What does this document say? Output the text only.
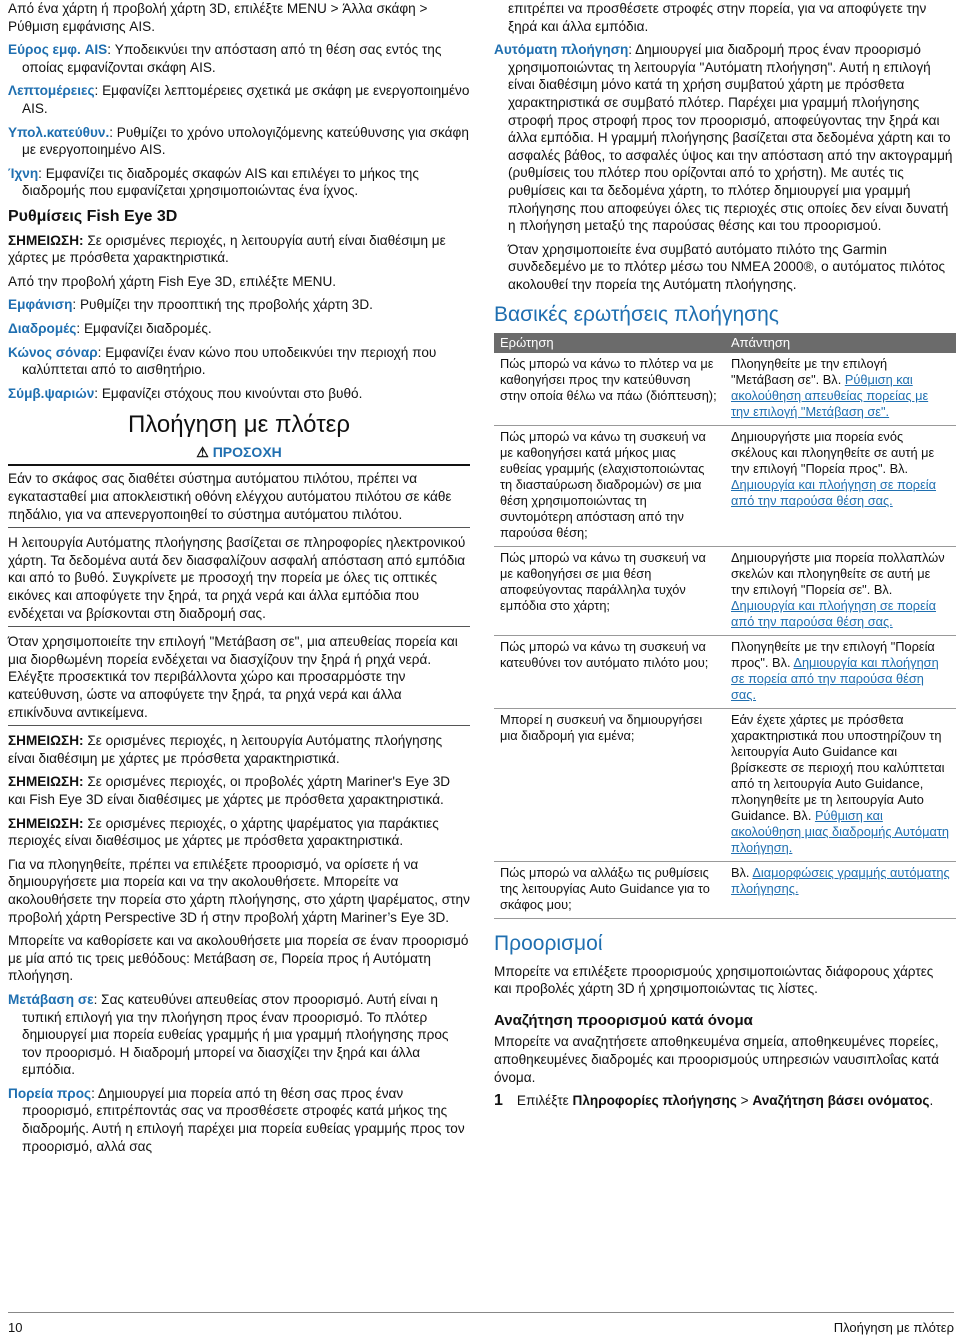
Από ένα χάρτη ή προβολή χάρτη 3D, επιλέξτε MENU > Άλλα σκάφη > Ρύθμιση εμφάνισης AIS.

Εύρος εμφ. AIS: Υποδεικνύει την απόσταση από τη θέση σας εντός της οποίας εμφανίζονται σκάφη AIS.

Λεπτομέρειες: Εμφανίζει λεπτομέρειες σχετικά με σκάφη με ενεργοποιημένο AIS.

Υπολ.κατεύθυν.: Ρυθμίζει το χρόνο υπολογιζόμενης κατεύθυνσης για σκάφη με ενεργοποιημένο AIS.

Ίχνη: Εμφανίζει τις διαδρομές σκαφών AIS και επιλέγει το μήκος της διαδρομής που εμφανίζεται χρησιμοποιώντας ένα ίχνος.

Ρυθμίσεις Fish Eye 3D

ΣΗΜΕΙΩΣΗ: Σε ορισμένες περιοχές, η λειτουργία αυτή είναι διαθέσιμη με χάρτες με πρόσθετα χαρακτηριστικά.

Από την προβολή χάρτη Fish Eye 3D, επιλέξτε MENU.

Εμφάνιση: Ρυθμίζει την προοπτική της προβολής χάρτη 3D.

Διαδρομές: Εμφανίζει διαδρομές.

Κώνος σόναρ: Εμφανίζει έναν κώνο που υποδεικνύει την περιοχή που καλύπτεται από το αισθητήριο.

Σύμβ.ψαριών: Εμφανίζει στόχους που κινούνται στο βυθό.

Πλοήγηση με πλότερ
⚠ ΠΡΟΣΟΧΗ
Εάν το σκάφος σας διαθέτει σύστημα αυτόματου πιλότου, πρέπει να εγκατασταθεί μια αποκλειστική οθόνη ελέγχου αυτόματου πιλότου σε κάθε πηδάλιο, για να απενεργοποιηθεί το σύστημα αυτόματου πιλότου.

Η λειτουργία Αυτόματης πλοήγησης βασίζεται σε πληροφορίες ηλεκτρονικού χάρτη. Τα δεδομένα αυτά δεν διασφαλίζουν ασφαλή απόσταση από εμπόδια και από το βυθό. Συγκρίνετε με προσοχή την πορεία με όλες τις οπτικές εικόνες και αποφύγετε την ξηρά, τα ρηχά νερά και άλλα εμπόδια που ενδέχεται να βρίσκονται στη διαδρομή σας.

Όταν χρησιμοποιείτε την επιλογή "Μετάβαση σε", μια απευθείας πορεία και μια διορθωμένη πορεία ενδέχεται να διασχίζουν την ξηρά ή ρηχά νερά. Ελέγξτε προσεκτικά τον περιβάλλοντα χώρο και προσαρμόστε την κατεύθυνση, ώστε να αποφύγετε την ξηρά, τα ρηχά νερά και άλλα επικίνδυνα αντικείμενα.

ΣΗΜΕΙΩΣΗ: Σε ορισμένες περιοχές, η λειτουργία Αυτόματης πλοήγησης είναι διαθέσιμη με χάρτες με πρόσθετα χαρακτηριστικά.

ΣΗΜΕΙΩΣΗ: Σε ορισμένες περιοχές, οι προβολές χάρτη Mariner's Eye 3D και Fish Eye 3D είναι διαθέσιμες με χάρτες με πρόσθετα χαρακτηριστικά.

ΣΗΜΕΙΩΣΗ: Σε ορισμένες περιοχές, ο χάρτης ψαρέματος για παράκτιες περιοχές είναι διαθέσιμος με χάρτες με πρόσθετα χαρακτηριστικά.

Για να πλοηγηθείτε, πρέπει να επιλέξετε προορισμό, να ορίσετε ή να δημιουργήσετε μια πορεία και να την ακολουθήσετε. Μπορείτε να ακολουθήσετε την πορεία στο χάρτη πλοήγησης, στο χάρτη ψαρέματος, στην προβολή χάρτη Perspective 3D ή στην προβολή χάρτη Mariner’s Eye 3D.

Μπορείτε να καθορίσετε και να ακολουθήσετε μια πορεία σε έναν προορισμό με μία από τις τρεις μεθόδους: Μετάβαση σε, Πορεία προς ή Αυτόματη πλοήγηση.

Μετάβαση σε: Σας κατευθύνει απευθείας στον προορισμό. Αυτή είναι η τυπική επιλογή για την πλοήγηση προς έναν προορισμό. Το πλότερ δημιουργεί μια πορεία ευθείας γραμμής ή μια γραμμή πλοήγησης προς τον προορισμό. Η διαδρομή μπορεί να διασχίζει την ξηρά και άλλα εμπόδια.

Πορεία προς: Δημιουργεί μια πορεία από τη θέση σας προς έναν προορισμό, επιτρέποντάς σας να προσθέσετε στροφές κατά μήκος της διαδρομής. Αυτή η επιλογή παρέχει μια πορεία ευθείας γραμμής προς τον προορισμό, αλλά σας

επιτρέπει να προσθέσετε στροφές στην πορεία, για να αποφύγετε την ξηρά και άλλα εμπόδια.

Αυτόματη πλοήγηση: Δημιουργεί μια διαδρομή προς έναν προορισμό χρησιμοποιώντας τη λειτουργία "Αυτόματη πλοήγηση". Αυτή η επιλογή είναι διαθέσιμη μόνο κατά τη χρήση συμβατού χάρτη με πρόσθετα χαρακτηριστικά σε συμβατό πλότερ. Παρέχει μια γραμμή πλοήγησης στροφή προς στροφή προς τον προορισμό, αποφεύγοντας την ξηρά και άλλα εμπόδια. Η γραμμή πλοήγησης βασίζεται στα δεδομένα χάρτη και το ασφαλές βάθος, το ασφαλές ύψος και την απόσταση από την ακτογραμμή (ρυθμίσεις του πλότερ που ορίζονται από το χρήστη). Με αυτές τις ρυθμίσεις και τα δεδομένα χάρτη, το πλότερ δημιουργεί μια γραμμή πλοήγησης που αποφεύγει όλες τις περιοχές στις οποίες δεν είναι δυνατή η πλοήγηση μεταξύ της παρούσας θέσης και του προορισμού.

Όταν χρησιμοποιείτε ένα συμβατό αυτόματο πιλότο της Garmin συνδεδεμένο με το πλότερ μέσω του NMEA 2000®, ο αυτόματος πιλότος ακολουθεί την πορεία της Αυτόματη πλοήγησης.

Βασικές ερωτήσεις πλοήγησης
Ερώτηση	Απάντηση
Πώς μπορώ να κάνω το πλότερ να με καθοηγήσει προς την κατεύθυνση στην οποία θέλω να πάω (διόπτευση);	Πλοηγηθείτε με την επιλογή "Μετάβαση σε". Βλ. Ρύθμιση και ακολούθηση απευθείας πορείας με την επιλογή "Μετάβαση σε".
Πώς μπορώ να κάνω τη συσκευή να με καθοηγήσει κατά μήκος μιας ευθείας γραμμής (ελαχιστοποιώντας τη διασταύρωση διαδρομών) σε μια θέση χρησιμοποιώντας τη συντομότερη απόσταση από την παρούσα θέση;	Δημιουργήστε μια πορεία ενός σκέλους και πλοηγηθείτε σε αυτή με την επιλογή "Πορεία προς". Βλ. Δημιουργία και πλοήγηση σε πορεία από την παρούσα θέση σας.
Πώς μπορώ να κάνω τη συσκευή να με καθοηγήσει σε μια θέση αποφεύγοντας παράλληλα τυχόν εμπόδια στο χάρτη;	Δημιουργήστε μια πορεία πολλαπλών σκελών και πλοηγηθείτε σε αυτή με την επιλογή "Πορεία σε". Βλ. Δημιουργία και πλοήγηση σε πορεία από την παρούσα θέση σας.
Πώς μπορώ να κάνω τη συσκευή να κατευθύνει τον αυτόματο πιλότο μου;	Πλοηγηθείτε με την επιλογή "Πορεία προς". Βλ. Δημιουργία και πλοήγηση σε πορεία από την παρούσα θέση σας.
Μπορεί η συσκευή να δημιουργήσει μια διαδρομή για εμένα;	Εάν έχετε χάρτες με πρόσθετα χαρακτηριστικά που υποστηρίζουν τη λειτουργία Auto Guidance και βρίσκεστε σε περιοχή που καλύπτεται από τη λειτουργία Auto Guidance, πλοηγηθείτε με τη λειτουργία Auto Guidance. Βλ. Ρύθμιση και ακολούθηση μιας διαδρομής Αυτόματη πλοήγηση.
Πώς μπορώ να αλλάξω τις ρυθμίσεις της λειτουργίας Auto Guidance για το σκάφος μου;	Βλ. Διαμορφώσεις γραμμής αυτόματης πλοήγησης.
Προορισμοί

Μπορείτε να επιλέξετε προορισμούς χρησιμοποιώντας διάφορους χάρτες και προβολές χάρτη 3D ή χρησιμοποιώντας τις λίστες.

Αναζήτηση προορισμού κατά όνομα

Μπορείτε να αναζητήσετε αποθηκευμένα σημεία, αποθηκευμένες πορείες, αποθηκευμένες διαδρομές και προορισμούς υπηρεσιών ναυσιπλοΐας κατά όνομα.

1 Επιλέξτε Πληροφορίες πλοήγησης > Αναζήτηση βάσει ονόματος.
10	Πλοήγηση με πλότερ
